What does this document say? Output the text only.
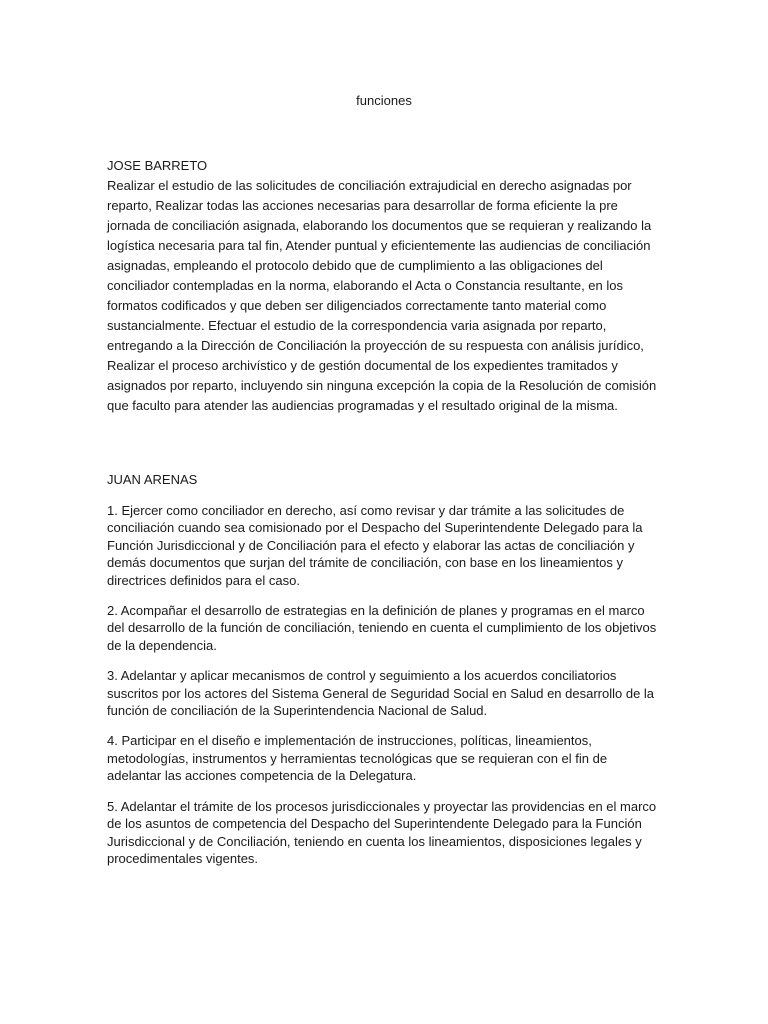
funciones

JOSE BARRETO

Realizar el estudio de las solicitudes de conciliación extrajudicial en derecho asignadas por reparto, Realizar todas las acciones necesarias para desarrollar de forma eficiente la pre jornada de conciliación asignada, elaborando los documentos que se requieran y realizando la logística necesaria para tal fin, Atender puntual y eficientemente las audiencias de conciliación asignadas, empleando el protocolo debido que de cumplimiento a las obligaciones del conciliador contempladas en la norma, elaborando el Acta o Constancia resultante, en los formatos codificados y que deben ser diligenciados correctamente tanto material como sustancialmente. Efectuar el estudio de la correspondencia varia asignada por reparto, entregando a la Dirección de Conciliación la proyección de su respuesta con análisis jurídico, Realizar el proceso archivístico y de gestión documental de los expedientes tramitados y asignados por reparto, incluyendo sin ninguna excepción la copia de la Resolución de comisión que faculto para atender las audiencias programadas y el resultado original de la misma.

JUAN ARENAS

1. Ejercer como conciliador en derecho, así como revisar y dar trámite a las solicitudes de conciliación cuando sea comisionado por el Despacho del Superintendente Delegado para la Función Jurisdiccional y de Conciliación para el efecto y elaborar las actas de conciliación y demás documentos que surjan del trámite de conciliación, con base en los lineamientos y directrices definidos para el caso.

2. Acompañar el desarrollo de estrategias en la definición de planes y programas en el marco del desarrollo de la función de conciliación, teniendo en cuenta el cumplimiento de los objetivos de la dependencia.

3. Adelantar y aplicar mecanismos de control y seguimiento a los acuerdos conciliatorios suscritos por los actores del Sistema General de Seguridad Social en Salud en desarrollo de la función de conciliación de la Superintendencia Nacional de Salud.

4. Participar en el diseño e implementación de instrucciones, políticas, lineamientos, metodologías, instrumentos y herramientas tecnológicas que se requieran con el fin de adelantar las acciones competencia de la Delegatura.

5. Adelantar el trámite de los procesos jurisdiccionales y proyectar las providencias en el marco de los asuntos de competencia del Despacho del Superintendente Delegado para la Función Jurisdiccional y de Conciliación, teniendo en cuenta los lineamientos, disposiciones legales y procedimentales vigentes.
